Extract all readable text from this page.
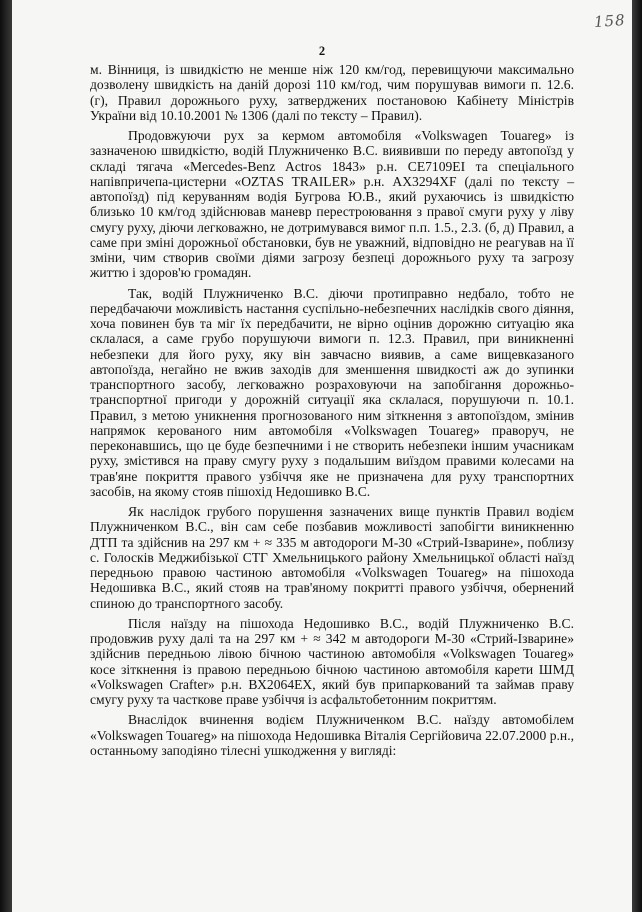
158
2

м. Вінниця, із швидкістю не менше ніж 120 км/год, перевищуючи максимально дозволену швидкість на даній дорозі 110 км/год, чим порушував вимоги п. 12.6. (г), Правил дорожнього руху, затверджених постановою Кабінету Міністрів України від 10.10.2001 № 1306 (далі по тексту – Правил).

Продовжуючи рух за кермом автомобіля «Volkswagen Touareg» із зазначеною швидкістю, водій Плужниченко В.С. виявивши по переду автопоїзд у складі тягача «Mercedes-Benz Actros 1843» р.н. СЕ7109ЕІ та спеціального напівпричепа-цистерни «OZTAS TRAILER» р.н. АХ3294XF (далі по тексту – автопоїзд) під керуванням водія Бугрова Ю.В., який рухаючись із швидкістю близько 10 км/год здійснював маневр перестроювання з правої смуги руху у ліву смугу руху, діючи легковажно, не дотримувався вимог п.п. 1.5., 2.3. (б, д) Правил, а саме при зміні дорожньої обстановки, був не уважний, відповідно не реагував на її зміни, чим створив своїми діями загрозу безпеці дорожнього руху та загрозу життю і здоров'ю громадян.

Так, водій Плужниченко В.С. діючи протиправно недбало, тобто не передбачаючи можливість настання суспільно-небезпечних наслідків свого діяння, хоча повинен був та міг їх передбачити, не вірно оцінив дорожню ситуацію яка склалася, а саме грубо порушуючи вимоги п. 12.3. Правил, при виникненні небезпеки для його руху, яку він завчасно виявив, а саме вищевказаного автопоїзда, негайно не вжив заходів для зменшення швидкості аж до зупинки транспортного засобу, легковажно розраховуючи на запобігання дорожньо-транспортної пригоди у дорожній ситуації яка склалася, порушуючи п. 10.1. Правил, з метою уникнення прогнозованого ним зіткнення з автопоїздом, змінив напрямок керованого ним автомобіля «Volkswagen Touareg» праворуч, не переконавшись, що це буде безпечними і не створить небезпеки іншим учасникам руху, змістився на праву смугу руху з подальшим виїздом правими колесами на трав'яне покриття правого узбіччя яке не призначена для руху транспортних засобів, на якому стояв пішохід Недошивко В.С.

Як наслідок грубого порушення зазначених вище пунктів Правил водієм Плужниченком В.С., він сам себе позбавив можливості запобігти виникненню ДТП та здійснив на 297 км + ≈ 335 м автодороги М-30 «Стрий-Ізварине», поблизу с. Голосків Меджибізької СТГ Хмельницького району Хмельницької області наїзд передньою правою частиною автомобіля «Volkswagen Touareg» на пішохода Недошивка В.С., який стояв на трав'яному покритті правого узбіччя, обернений спиною до транспортного засобу.

Після наїзду на пішохода Недошивко В.С., водій Плужниченко В.С. продовжив руху далі та на 297 км + ≈ 342 м автодороги М-30 «Стрий-Ізварине» здійснив передньою лівою бічною частиною автомобіля «Volkswagen Touareg» косе зіткнення із правою передньою бічною частиною автомобіля карети ШМД «Volkswagen Crafter» р.н. ВХ2064ЕХ, який був припаркований та займав праву смугу руху та часткове праве узбіччя із асфальтобетонним покриттям.

Внаслідок вчинення водієм Плужниченком В.С. наїзду автомобілем «Volkswagen Touareg» на пішохода Недошивка Віталія Сергійовича 22.07.2000 р.н., останньому заподіяно тілесні ушкодження у вигляді:
